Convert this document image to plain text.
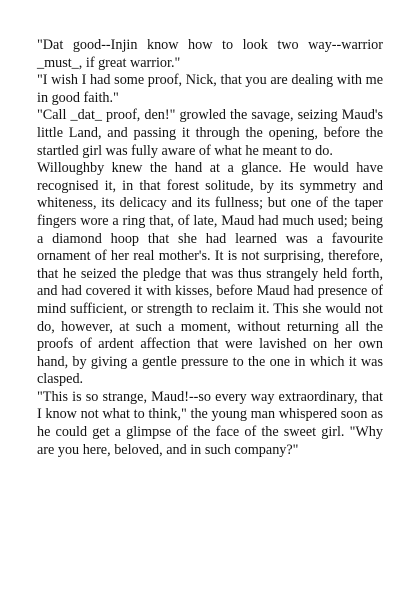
"Dat good--Injin know how to look two way--warrior _must_, if great warrior."

"I wish I had some proof, Nick, that you are dealing with me in good faith."

"Call _dat_ proof, den!" growled the savage, seizing Maud's little Land, and passing it through the opening, before the startled girl was fully aware of what he meant to do.

Willoughby knew the hand at a glance. He would have recognised it, in that forest solitude, by its symmetry and whiteness, its delicacy and its fullness; but one of the taper fingers wore a ring that, of late, Maud had much used; being a diamond hoop that she had learned was a favourite ornament of her real mother's. It is not surprising, therefore, that he seized the pledge that was thus strangely held forth, and had covered it with kisses, before Maud had presence of mind sufficient, or strength to reclaim it. This she would not do, however, at such a moment, without returning all the proofs of ardent affection that were lavished on her own hand, by giving a gentle pressure to the one in which it was clasped.

"This is so strange, Maud!--so every way extraordinary, that I know not what to think," the young man whispered soon as he could get a glimpse of the face of the sweet girl. "Why are you here, beloved, and in such company?"
